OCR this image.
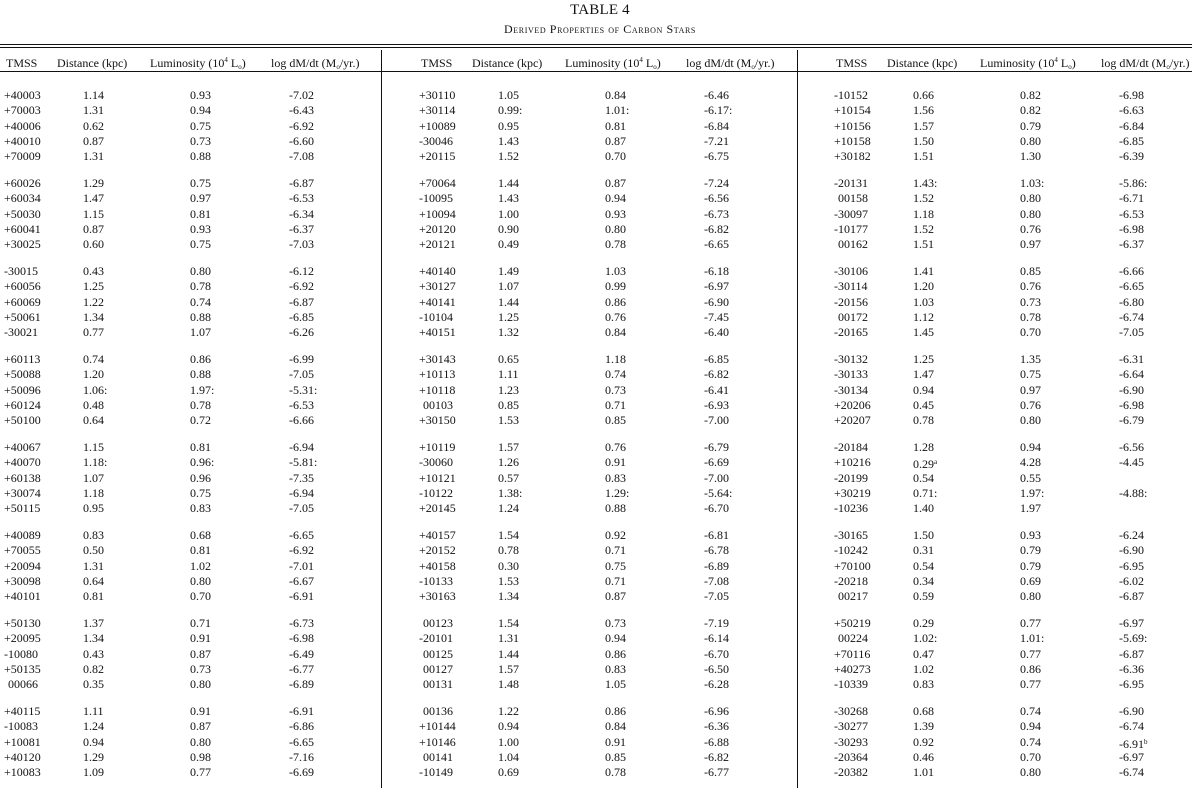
TABLE 4
Derived Properties of Carbon Stars
TMSS Distance (kpc) Luminosity ($10^4$ $L_o$) log dM/dt $(M_o/yr.)$
+40003	1.14	0.93	-7.02
+70003	1.31	0.94	-6.43
+40006	0.62	0.75	-6.92
+40010	0.87	0.73	-6.60
+70009	1.31	0.88	-7.08
+60026	1.29	0.75	-6.87
+60034	1.47	0.97	-6.53
+50030	1.15	0.81	-6.34
+60041	0.87	0.93	-6.37
+30025	0.60	0.75	-7.03
-30015	0.43	0.80	-6.12
+60056	1.25	0.78	-6.92
+60069	1.22	0.74	-6.87
+50061	1.34	0.88	-6.85
-30021	0.77	1.07	-6.26
+60113	0.74	0.86	-6.99
+50088	1.20	0.88	-7.05
+50096	1.06:	1.97:	-5.31:
+60124	0.48	0.78	-6.53
+50100	0.64	0.72	-6.66
+40067	1.15	0.81	-6.94
+40070	1.18:	0.96:	-5.81:
+60138	1.07	0.96	-7.35
+30074	1.18	0.75	-6.94
+50115	0.95	0.83	-7.05
+40089	0.83	0.68	-6.65
+70055	0.50	0.81	-6.92
+20094	1.31	1.02	-7.01
+30098	0.64	0.80	-6.67
+40101	0.81	0.70	-6.91
+50130	1.37	0.71	-6.73
+20095	1.34	0.91	-6.98
-10080	0.43	0.87	-6.49
+50135	0.82	0.73	-6.77
00066	0.35	0.80	-6.89
+40115	1.11	0.91	-6.91
-10083	1.24	0.87	-6.86
+10081	0.94	0.80	-6.65
+40120	1.29	0.98	-7.16
+10083	1.09	0.77	-6.69
TMSS Distance (kpc) Luminosity ($10^4$ $L_o$) log dM/dt $(M_o/yr.)$
+30110	1.05	0.84	-6.46
+30114	0.99:	1.01:	-6.17:
+10089	0.95	0.81	-6.84
-30046	1.43	0.87	-7.21
+20115	1.52	0.70	-6.75
+70064	1.44	0.87	-7.24
-10095	1.43	0.94	-6.56
+10094	1.00	0.93	-6.73
+20120	0.90	0.80	-6.82
+20121	0.49	0.78	-6.65
+40140	1.49	1.03	-6.18
+30127	1.07	0.99	-6.97
+40141	1.44	0.86	-6.90
-10104	1.25	0.76	-7.45
+40151	1.32	0.84	-6.40
+30143	0.65	1.18	-6.85
+10113	1.11	0.74	-6.82
+10118	1.23	0.73	-6.41
00103	0.85	0.71	-6.93
+30150	1.53	0.85	-7.00
+10119	1.57	0.76	-6.79
-30060	1.26	0.91	-6.69
+10121	0.57	0.83	-7.00
-10122	1.38:	1.29:	-5.64:
+20145	1.24	0.88	-6.70
+40157	1.54	0.92	-6.81
+20152	0.78	0.71	-6.78
+40158	0.30	0.75	-6.89
-10133	1.53	0.71	-7.08
+30163	1.34	0.87	-7.05
00123	1.54	0.73	-7.19
-20101	1.31	0.94	-6.14
00125	1.44	0.86	-6.70
00127	1.57	0.83	-6.50
00131	1.48	1.05	-6.28
00136	1.22	0.86	-6.96
+10144	0.94	0.84	-6.36
+10146	1.00	0.91	-6.88
00141	1.04	0.85	-6.82
-10149	0.69	0.78	-6.77
TMSS Distance (kpc) Luminosity ($10^4$ $L_o$) log dM/dt $(M_o/yr.)$
-10152	0.66	0.82	-6.98
+10154	1.56	0.82	-6.63
+10156	1.57	0.79	-6.84
+10158	1.50	0.80	-6.85
+30182	1.51	1.30	-6.39
-20131	1.43:	1.03:	-5.86:
00158	1.52	0.80	-6.71
-30097	1.18	0.80	-6.53
-10177	1.52	0.76	-6.98
00162	1.51	0.97	-6.37
-30106	1.41	0.85	-6.66
-30114	1.20	0.76	-6.65
-20156	1.03	0.73	-6.80
00172	1.12	0.78	-6.74
-20165	1.45	0.70	-7.05
-30132	1.25	1.35	-6.31
-30133	1.47	0.75	-6.64
-30134	0.94	0.97	-6.90
+20206	0.45	0.76	-6.98
+20207	0.78	0.80	-6.79
-20184	1.28	0.94	-6.56
+10216	0.29$^a$	4.28	-4.45
-20199	0.54	0.55
+30219	0.71:	1.97:	-4.88:
-10236	1.40	1.97
-30165	1.50	0.93	-6.24
-10242	0.31	0.79	-6.90
+70100	0.54	0.79	-6.95
-20218	0.34	0.69	-6.02
00217	0.59	0.80	-6.87
+50219	0.29	0.77	-6.97
00224	1.02:	1.01:	-5.69:
+70116	0.47	0.77	-6.87
+40273	1.02	0.86	-6.36
-10339	0.83	0.77	-6.95
-30268	0.68	0.74	-6.90
-30277	1.39	0.94	-6.74
-30293	0.92	0.74	-6.91$^b$
-20364	0.46	0.70	-6.97
-20382	1.01	0.80	-6.74
